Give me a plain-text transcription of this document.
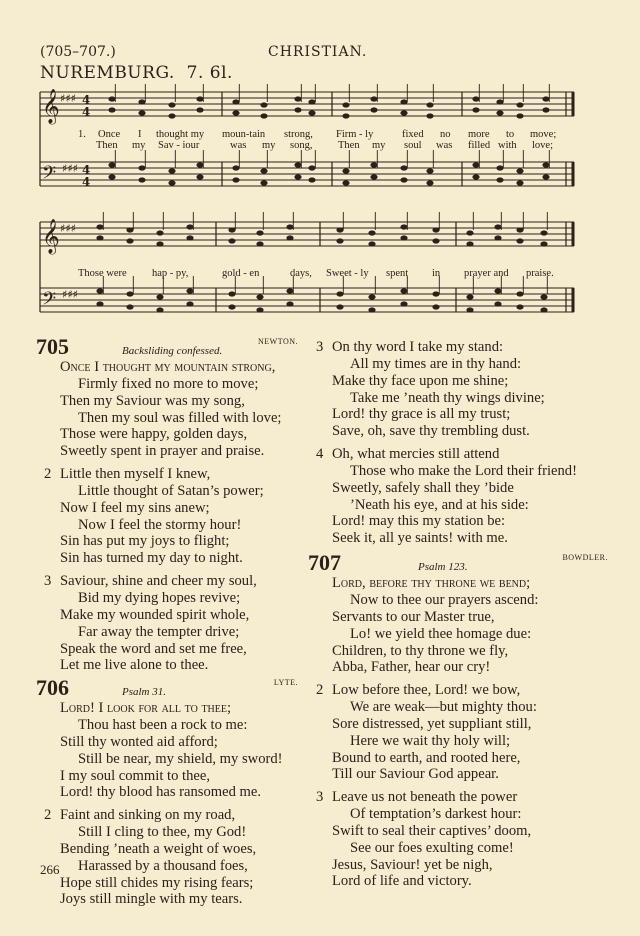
(705–707.)	CHRISTIAN.
NUREMBURG. 7. 6l.
𝄞
𝄢
𝄞
𝄢
♯♯♯
♯♯♯
♯♯♯
♯♯♯
4
4
4
4
1. Once I thought my moun-tain strong, Firm - ly	fixed no more to move;
Then my Sav - iour	was my song, Then my soul was filled with love;
Those were hap - py,	gold - en	days, Sweet - ly spent in prayer and praise.
705	Backsliding confessed.
NEWTON.
Once I thought my mountain strong,
Firmly fixed no more to move;
Then my Saviour was my song,
Then my soul was filled with love;
Those were happy, golden days,
Sweetly spent in prayer and praise.
2 Little then myself I knew,
Little thought of Satan’s power;
Now I feel my sins anew;
Now I feel the stormy hour!
Sin has put my joys to flight;
Sin has turned my day to night.
3 Saviour, shine and cheer my soul,
Bid my dying hopes revive;
Make my wounded spirit whole,
Far away the tempter drive;
Speak the word and set me free,
Let me live alone to thee.
706	Psalm 31.
LYTE.
Lord! I look for all to thee;
Thou hast been a rock to me:
Still thy wonted aid afford;
Still be near, my shield, my sword!
I my soul commit to thee,
Lord! thy blood has ransomed me.
2 Faint and sinking on my road,
Still I cling to thee, my God!
Bending ’neath a weight of woes,
Harassed by a thousand foes,
Hope still chides my rising fears;
Joys still mingle with my tears.
3 On thy word I take my stand:
All my times are in thy hand:
Make thy face upon me shine;
Take me ’neath thy wings divine;
Lord! thy grace is all my trust;
Save, oh, save thy trembling dust.
4 Oh, what mercies still attend
Those who make the Lord their friend!
Sweetly, safely shall they ’bide
’Neath his eye, and at his side:
Lord! may this my station be:
Seek it, all ye saints! with me.
707	Psalm 123.
BOWDLER.
Lord, before thy throne we bend;
Now to thee our prayers ascend:
Servants to our Master true,
Lo! we yield thee homage due:
Children, to thy throne we fly,
Abba, Father, hear our cry!
2 Low before thee, Lord! we bow,
We are weak—but mighty thou:
Sore distressed, yet suppliant still,
Here we wait thy holy will;
Bound to earth, and rooted here,
Till our Saviour God appear.
3 Leave us not beneath the power
Of temptation’s darkest hour:
Swift to seal their captives’ doom,
See our foes exulting come!
Jesus, Saviour! yet be nigh,
Lord of life and victory.
266
